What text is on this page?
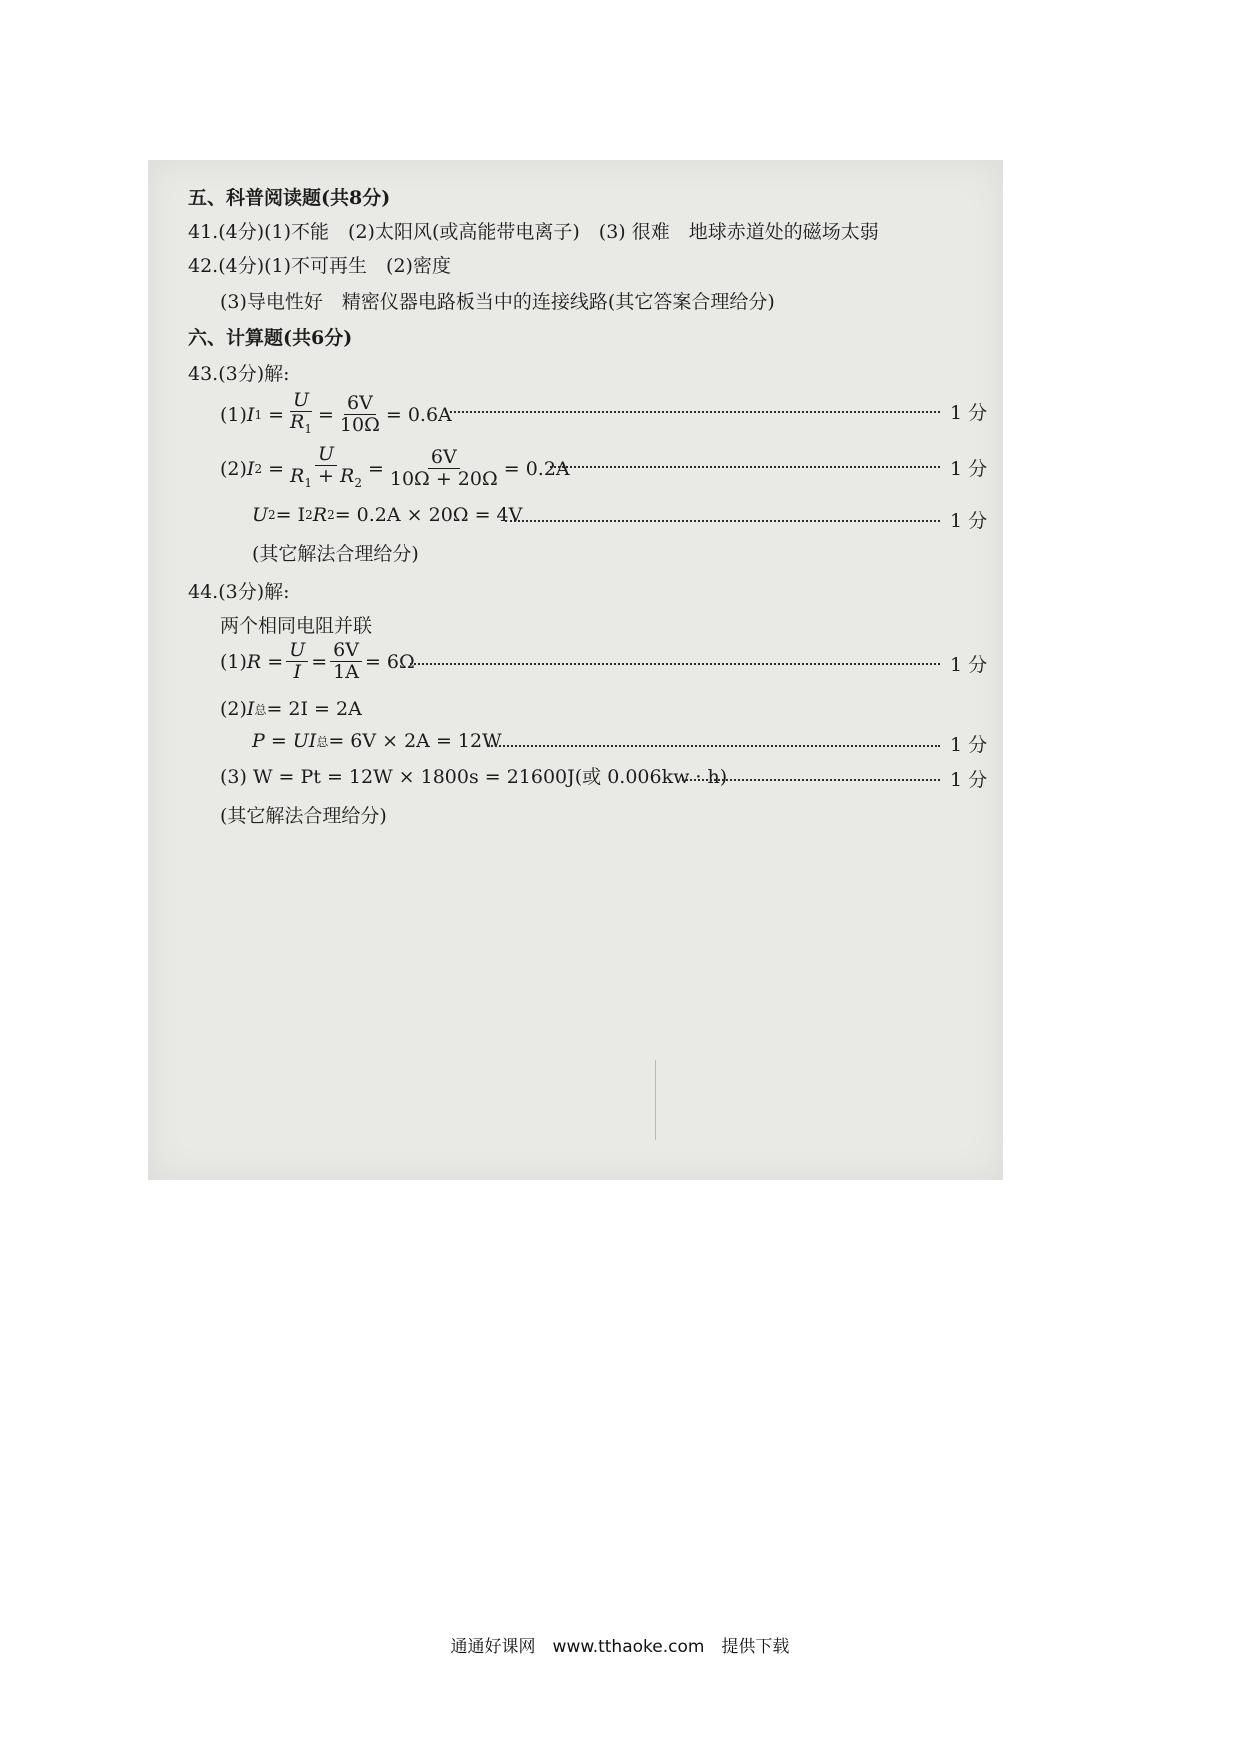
五、科普阅读题(共8分)
41.(4分)(1)不能　(2)太阳风(或高能带电离子)　(3) 很难　地球赤道处的磁场太弱
42.(4分)(1)不可再生　(2)密度
(3)导电性好　精密仪器电路板当中的连接线路(其它答案合理给分)
六、计算题(共6分)
43.(3分)解:
(1) I $1 = \frac{U}{R_1} = \frac{6V}{10\Omega} = 0.6A$	1 分
(2) I $2 = \frac{U}{R_1 + R_2} = \frac{6V}{10\Omega + 20\Omega} = 0.2A$	1 分
U 2 = I 2 R 2 = 0.2A × 20Ω = 4V	1 分
(其它解法合理给分)
44.(3分)解:
两个相同电阻并联
(1) $R = \frac{U}{I} = \frac{6V}{1A} = 6\Omega$	1 分
(2) I 总 = 2I = 2A
P = UI 总 = 6V × 2A = 12W	1 分
(3) W = Pt = 12W × 1800s = 21600J(或 0.006kw · h)	1 分
(其它解法合理给分)
通通好课网　www.tthaoke.com　提供下载
